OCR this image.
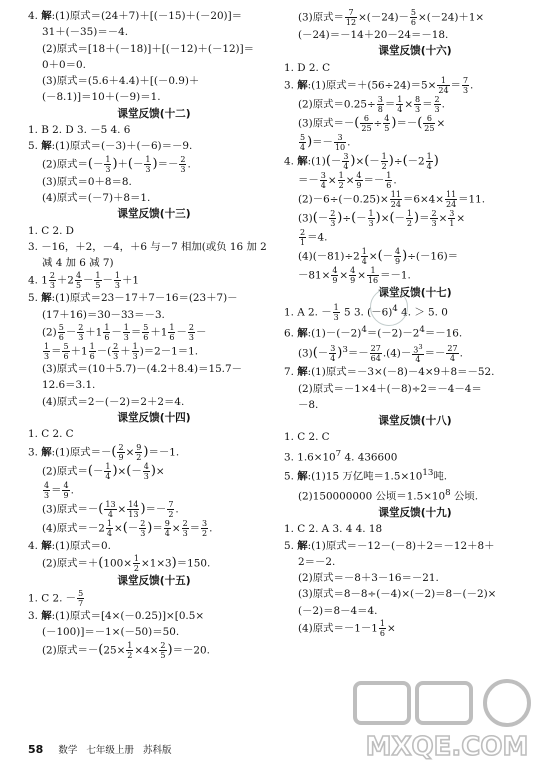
4. 解:(1)原式＝(24＋7)＋[(－15)＋(－20)]＝
31＋(－35)＝－4.
(2)原式＝[18＋(－18)]＋[(－12)＋(－12)]＝
0＋0＝0.
(3)原式＝(5.6＋4.4)＋[(－0.9)＋
(－8.1)]＝10＋(－9)＝1.
课堂反馈(十二)
1. B 2. D 3. －5 4. 6
5. 解:(1)原式＝(－3)＋(－6)＝－9.
(2)原式＝(－ $\frac{1}{3}$ )＋(－ $\frac{1}{3}$ )＝－ $\frac{2}{3}$ .
(3)原式＝0＋8＝8.
(4)原式＝(－7)＋8＝1.
课堂反馈(十三)
1. C 2. D
3. －16，＋2，－4，＋6 与－7 相加(或负 16 加 2
减 4 加 6 减 7)
4. $1 \frac{2}{3} +2 \frac{4}{5} - \frac{1}{5} - \frac{1}{3} +1$
5. 解:(1)原式＝23－17＋7－16＝(23＋7)－
(17＋16)＝30－33＝－3.
$(2) \frac{5}{6} - \frac{2}{3} +1 \frac{1}{6} - \frac{1}{3} = \frac{5}{6} +1 \frac{1}{6} - \frac{2}{3}$ －
$\frac{1}{3} = \frac{5}{6} +1 \frac{1}{6}$ －( $\frac{2}{3} + \frac{1}{3} )=2-1=1$.
(3)原式＝(10＋5.7)－(4.2＋8.4)＝15.7－
12.6＝3.1.
(4)原式＝2－(－2)＝2＋2＝4.
课堂反馈(十四)
1. C 2. C
3. 解:(1)原式＝－( $\frac{2}{9} \times \frac{9}{2} )=-1$.
(2)原式＝(－ $\frac{1}{4}$ )×(－ $\frac{4}{3}$ )×
$\frac{4}{3} = \frac{4}{9}$ .
(3)原式＝－( $\frac{13}{4} \times \frac{14}{13}$ )＝－ $\frac{7}{2}$ .
(4)原式$=-2 \frac{1}{4}$ ×(－ $\frac{2}{3}$ )＝ $\frac{9}{4} \times \frac{2}{3} = \frac{3}{2}$ .
4. 解:(1)原式＝0.
(2)原式$=+(100\times \frac{1}{2} \times 1\times 3)=150$.
课堂反馈(十五)
1. C 2. － $\frac{5}{7}$
3. 解:(1)原式＝[4×(－0.25)]×[0.5×
(－100)]＝－1×(－50)＝50.
(2)原式$=-(25\times \frac{1}{2} \times 4\times \frac{2}{5} )=-20$.
(3)原式＝ $\frac{7}{12} \times(-24)- \frac{5}{6} \times(-24)+1\times$
(－24)＝－14＋20－24＝－18.
课堂反馈(十六)
1. D 2. C
3. 解:(1)原式$=+(56\div 24)=5\times \frac{1}{24} = \frac{7}{3}$ .
(2)原式$=0.25\div \frac{3}{8} = \frac{1}{4} \times \frac{8}{3} = \frac{2}{3}$ .
(3)原式＝－( $\frac{6}{25} \div \frac{4}{5}$ )＝－( $\frac{6}{25}$ ×
$\frac{5}{4}$ )＝－ $\frac{3}{10}$ .
4. 解:(1)(－ $\frac{3}{4}$ )×(－ $\frac{1}{2} )\div(-2 \frac{1}{4}$ )
＝－ $\frac{3}{4} \times \frac{1}{2} \times \frac{4}{9} =- \frac{1}{6}$ .
$(2)-6\div(-0.25)\times \frac{11}{24} =6\times 4\times \frac{11}{24} =11$.
$(3)(- \frac{2}{3}$ )÷(－ $\frac{1}{3}$ )×(－ $\frac{1}{2}$ )＝ $\frac{2}{3} \times \frac{3}{1}$ ×
$\frac{2}{1} =4$.
$(4)(-81)\div 2 \frac{1}{4}$ ×(－ $\frac{4}{9} )\div(-16)=$
$-81\times \frac{4}{9} \times \frac{4}{9} \times \frac{1}{16} =-1$.
课堂反馈(十七)
1. A 2. － $\frac{1}{3} 5$ 3. $(-6)^4$ 4. ＞ 5. 0
6. 解$:(1)-(-2)^4=(-2)-2^4=-16$.
$(3)(- \frac{3}{4} )^3=- \frac{27}{64} .(4)- \frac{3^3}{4} =- \frac{27}{4}$ .
7. 解:(1)原式＝－3×(－8)－4×9＋8＝－52.
(2)原式＝－1×4＋(－8)÷2＝－4－4＝
－8.
课堂反馈(十八)
1. C 2. C
3. $1.6\times 10^7$ 4. 436600
5. 解:(1)15 万亿吨$=1.5\times 10^{13}$吨.
(2)150000000 公顷$=1.5\times 10^8$ 公顷.
课堂反馈(十九)
1. C 2. A 3. 4 4. 18
5. 解:(1)原式＝－12－(－8)＋2＝－12＋8＋
2＝－2.
(2)原式＝－8＋3－16＝－21.
(3)原式＝8－8÷(－4)×(－2)＝8－(－2)×
(－2)＝8－4＝4.
(4)原式$=-1-1 \frac{1}{6}$ ×
MXQE.COM
58 数学 七年级上册 苏科版
